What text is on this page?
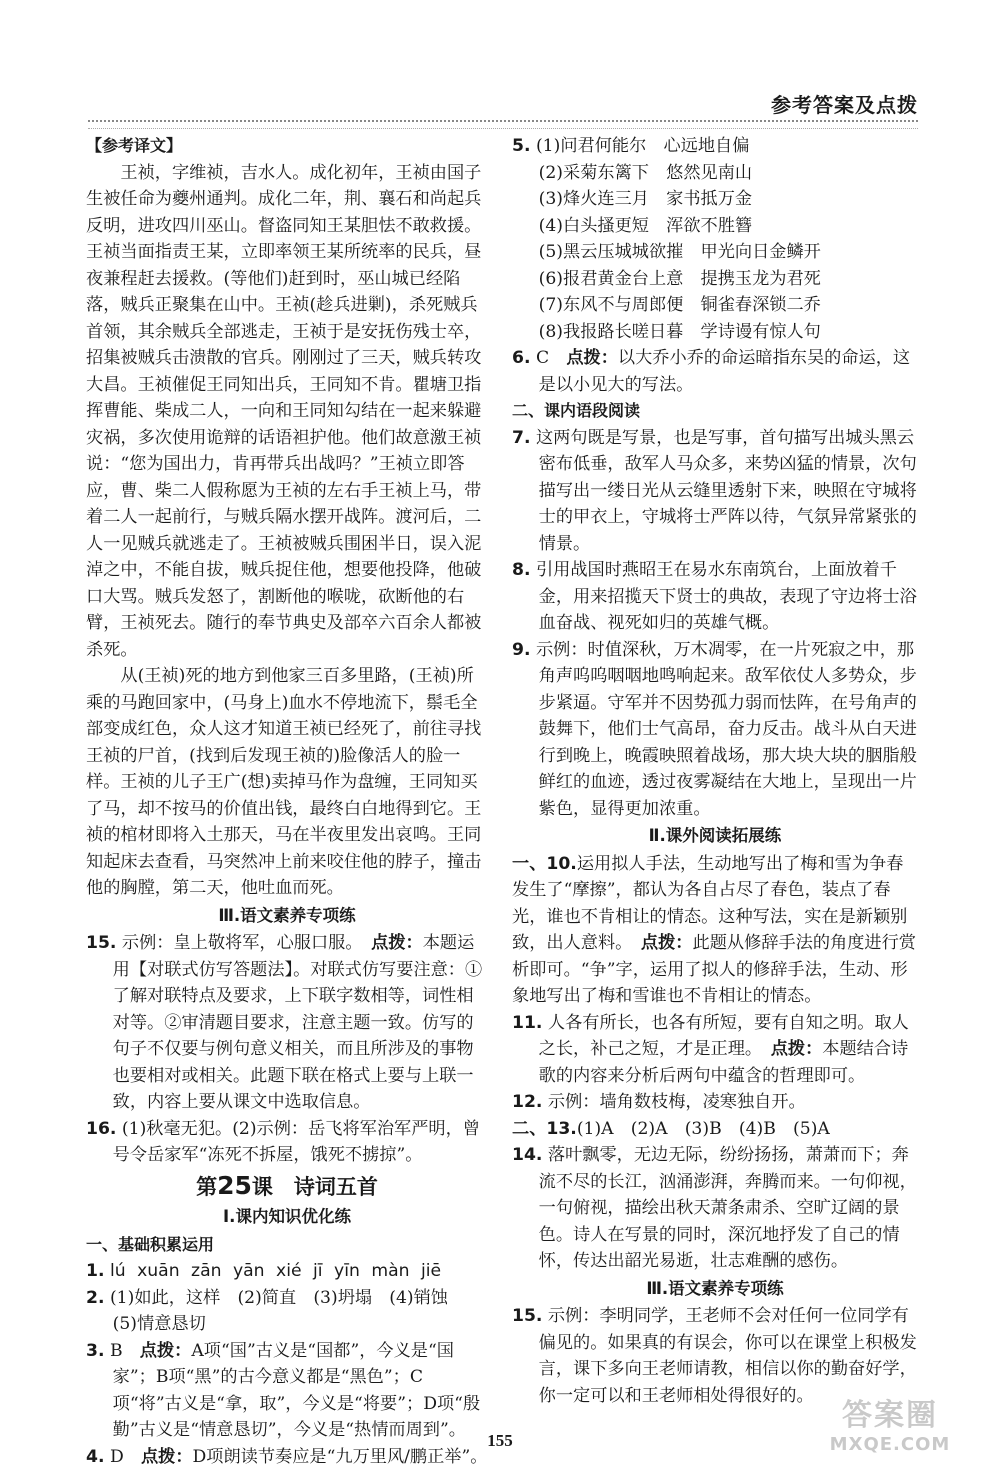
参考答案及点拨
【参考译文】

王祯，字维祯，吉水人。成化初年，王祯由国子生被任命为夔州通判。成化二年，荆、襄石和尚起兵反明，进攻四川巫山。督盗同知王某胆怯不敢救援。王祯当面指责王某，立即率领王某所统率的民兵，昼夜兼程赶去援救。(等他们)赶到时，巫山城已经陷落，贼兵正聚集在山中。王祯(趁兵进剿)，杀死贼兵首领，其余贼兵全部逃走，王祯于是安抚伤残士卒，招集被贼兵击溃散的官兵。刚刚过了三天，贼兵转攻大昌。王祯催促王同知出兵，王同知不肯。瞿塘卫指挥曹能、柴成二人，一向和王同知勾结在一起来躲避灾祸，多次使用诡辩的话语袒护他。他们故意激王祯说：“您为国出力，肯再带兵出战吗？”王祯立即答应，曹、柴二人假称愿为王祯的左右手王祯上马，带着二人一起前行，与贼兵隔水摆开战阵。渡河后，二人一见贼兵就逃走了。王祯被贼兵围困半日，误入泥淖之中，不能自拔，贼兵捉住他，想要他投降，他破口大骂。贼兵发怒了，割断他的喉咙，砍断他的右臂，王祯死去。随行的奉节典史及部卒六百余人都被杀死。

从(王祯)死的地方到他家三百多里路，(王祯)所乘的马跑回家中，(马身上)血水不停地流下，鬃毛全部变成红色，众人这才知道王祯已经死了，前往寻找王祯的尸首，(找到后发现王祯的)脸像活人的脸一样。王祯的儿子王广(想)卖掉马作为盘缠，王同知买了马，却不按马的价值出钱，最终白白地得到它。王祯的棺材即将入土那天，马在半夜里发出哀鸣。王同知起床去查看，马突然冲上前来咬住他的脖子，撞击他的胸膛，第二天，他吐血而死。

Ⅲ.语文素养专项练

15. 示例：皇上敬将军，心服口服。　 点拨：本题运用【对联式仿写答题法】。对联式仿写要注意：①了解对联特点及要求，上下联字数相等，词性相对等。②审清题目要求，注意主题一致。仿写的句子不仅要与例句意义相关，而且所涉及的事物也要相对或相关。此题下联在格式上要与上联一致，内容上要从课文中选取信息。

16. (1)秋毫无犯。(2)示例：岳飞将军治军严明，曾号令岳家军“冻死不拆屋，饿死不掳掠”。

第25课　诗词五首
Ⅰ.课内知识优化练
一、基础积累运用

1. lú xuān zān yān xié jī yīn màn jiē

2. (1)如此，这样　(2)简直　(3)坍塌　(4)销蚀　(5)情意恳切

3. B　点拨：A项“国”古义是“国都”，今义是“国家”；B项“黑”的古今意义都是“黑色”；C项“将”古义是“拿，取”，今义是“将要”；D项“殷勤”古义是“情意恳切”，今义是“热情而周到”。

4. D　点拨：D项朗读节奏应是“九万里风/鹏正举”。

5. (1)问君何能尔　心远地自偏

(2)采菊东篱下　悠然见南山

(3)烽火连三月　家书抵万金

(4)白头搔更短　浑欲不胜簪

(5)黑云压城城欲摧　甲光向日金鳞开

(6)报君黄金台上意　提携玉龙为君死

(7)东风不与周郎便　铜雀春深锁二乔

(8)我报路长嗟日暮　学诗谩有惊人句

6. C　点拨：以大乔小乔的命运暗指东吴的命运，这是以小见大的写法。

二、课内语段阅读

7. 这两句既是写景，也是写事，首句描写出城头黑云密布低垂，敌军人马众多，来势凶猛的情景，次句描写出一缕日光从云缝里透射下来，映照在守城将士的甲衣上，守城将士严阵以待，气氛异常紧张的情景。

8. 引用战国时燕昭王在易水东南筑台，上面放着千金，用来招揽天下贤士的典故，表现了守边将士浴血奋战、视死如归的英雄气概。

9. 示例：时值深秋，万木凋零，在一片死寂之中，那角声呜呜咽咽地鸣响起来。敌军依仗人多势众，步步紧逼。守军并不因势孤力弱而怯阵，在号角声的鼓舞下，他们士气高昂，奋力反击。战斗从白天进行到晚上，晚霞映照着战场，那大块大块的胭脂般鲜红的血迹，透过夜雾凝结在大地上，呈现出一片紫色，显得更加浓重。

Ⅱ.课外阅读拓展练

一、10.运用拟人手法，生动地写出了梅和雪为争春发生了“摩擦”，都认为各自占尽了春色，装点了春光，谁也不肯相让的情态。这种写法，实在是新颖别致，出人意料。　 点拨：此题从修辞手法的角度进行赏析即可。“争”字，运用了拟人的修辞手法，生动、形象地写出了梅和雪谁也不肯相让的情态。

11. 人各有所长，也各有所短，要有自知之明。取人之长，补己之短，才是正理。　 点拨：本题结合诗歌的内容来分析后两句中蕴含的哲理即可。

12. 示例：墙角数枝梅，凌寒独自开。

二、13.(1)A　(2)A　(3)B　(4)B　(5)A

14. 落叶飘零，无边无际，纷纷扬扬，萧萧而下；奔流不尽的长江，汹涌澎湃，奔腾而来。一句仰视，一句俯视，描绘出秋天萧条肃杀、空旷辽阔的景色。诗人在写景的同时，深沉地抒发了自己的情怀，传达出韶光易逝，壮志难酬的感伤。

Ⅲ.语文素养专项练

15. 示例：李明同学，王老师不会对任何一位同学有偏见的。如果真的有误会，你可以在课堂上积极发言，课下多向王老师请教，相信以你的勤奋好学，你一定可以和王老师相处得很好的。

155
答案圈
MXQE.COM
